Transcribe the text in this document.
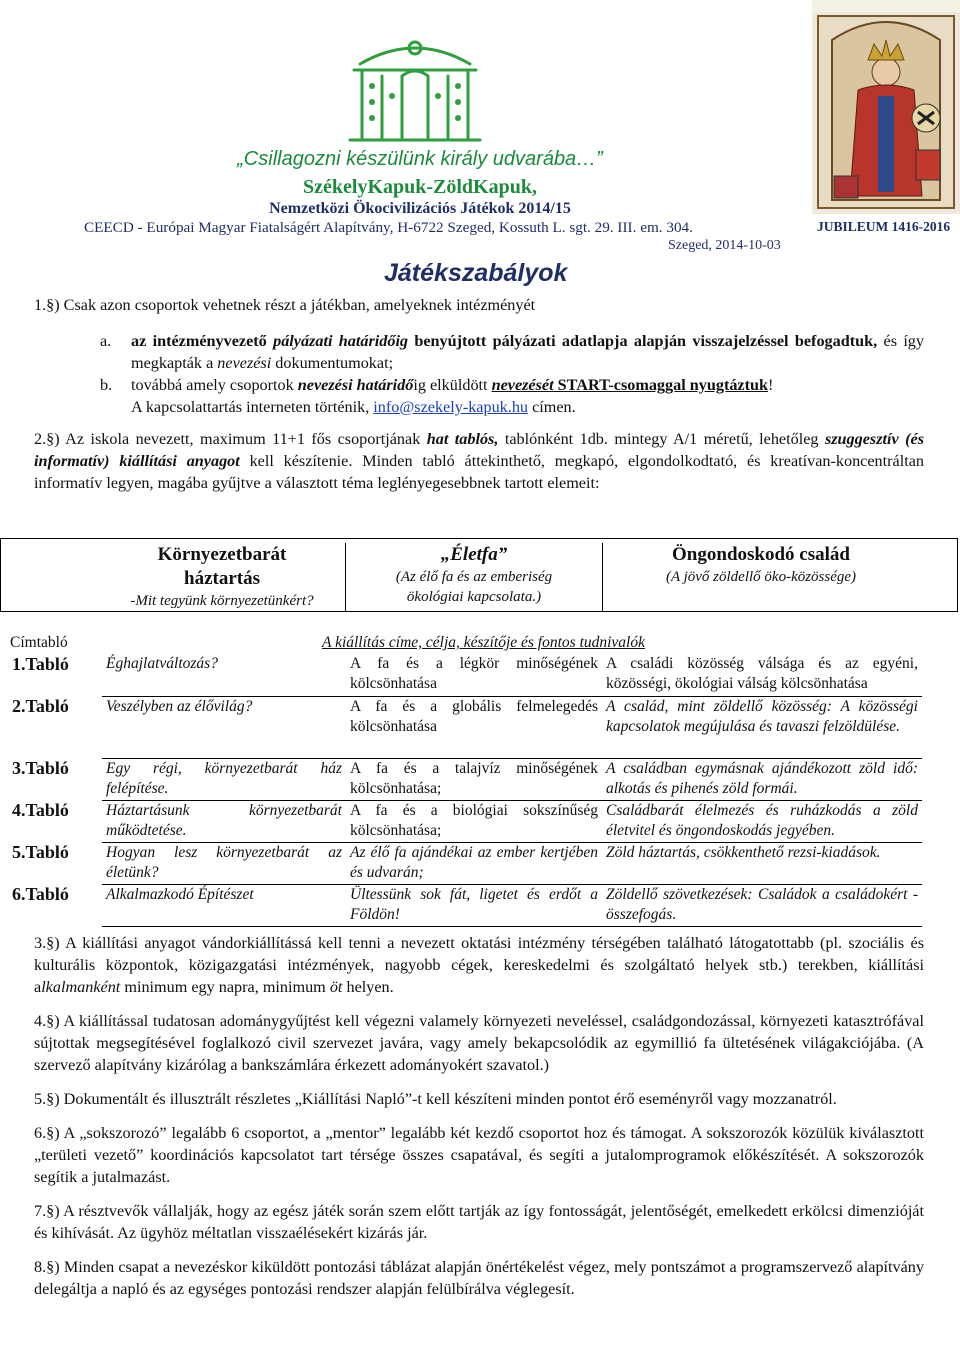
„Csillagozni készülünk király udvarába…”
SzékelyKapuk-ZöldKapuk,
Nemzetközi Ökocivilizációs Játékok 2014/15
CEECD - Európai Magyar Fiatalságért Alapítvány, H-6722 Szeged, Kossuth L. sgt. 29. III. em. 304.
Szeged, 2014-10-03
JUBILEUM 1416-2016
Játékszabályok
1.§) Csak azon csoportok vehetnek részt a játékban, amelyeknek intézményét
a. az intézményvezető pályázati határidőig benyújtott pályázati adatlapja alapján visszajelzéssel befogadtuk, és így megkapták a nevezési dokumentumokat;
b. továbbá amely csoportok nevezési határidőig elküldött nevezését START-csomaggal nyugtáztuk!
A kapcsolattartás interneten történik, info@szekely-kapuk.hu címen.
2.§) Az iskola nevezett, maximum 11+1 fős csoportjának hat tablós, tablónként 1db. mintegy A/1 méretű, lehetőleg szuggesztív (és informatív) kiállítási anyagot kell készítenie. Minden tabló áttekinthető, megkapó, elgondolkodtató, és kreatívan-koncentráltan informatív legyen, magába gyűjtve a választott téma leglényegesebbnek tartott elemeit:
Környezetbarát háztartás
-Mit tegyünk környezetünkért?
„Életfa”
(Az élő fa és az emberiség ökológiai kapcsolata.)
Öngondoskodó család
(A jövő zöldellő öko-közössége)
Címtabló	A kiállítás címe, célja, készítője és fontos tudnivalók
1.Tabló	Éghajlatváltozás?	A fa és a légkör minőségének kölcsönhatása	A családi közösség válsága és az egyéni, közösségi, ökológiai válság kölcsönhatása
2.Tabló	Veszélyben az élővilág?	A fa és a globális felmelegedés kölcsönhatása	A család, mint zöldellő közösség: A közösségi kapcsolatok megújulása és tavaszi felzöldülése.
3.Tabló	Egy régi, környezetbarát ház felépítése.	A fa és a talajvíz minőségének kölcsönhatása;	A családban egymásnak ajándékozott zöld idő: alkotás és pihenés zöld formái.
4.Tabló	Háztartásunk környezetbarát működtetése.	A fa és a biológiai sokszínűség kölcsönhatása;	Családbarát élelmezés és ruházkodás a zöld életvitel és öngondoskodás jegyében.
5.Tabló	Hogyan lesz környezetbarát az életünk?	Az élő fa ajándékai az ember kertjében és udvarán;	Zöld háztartás, csökkenthető rezsi-kiadások.
6.Tabló	Alkalmazkodó Építészet	Ültessünk sok fát, ligetet és erdőt a Földön!	Zöldellő szövetkezések: Családok a családokért - összefogás.

3.§) A kiállítási anyagot vándorkiállítássá kell tenni a nevezett oktatási intézmény térségében található látogatottabb (pl. szociális és kulturális központok, közigazgatási intézmények, nagyobb cégek, kereskedelmi és szolgáltató helyek stb.) terekben, kiállítási alkalmanként minimum egy napra, minimum öt helyen.

4.§) A kiállítással tudatosan adománygyűjtést kell végezni valamely környezeti neveléssel, családgondozással, környezeti katasztrófával sújtottak megsegítésével foglalkozó civil szervezet javára, vagy amely bekapcsolódik az egymillió fa ültetésének világakciójába. (A szervező alapítvány kizárólag a bankszámlára érkezett adományokért szavatol.)

5.§) Dokumentált és illusztrált részletes „Kiállítási Napló”-t kell készíteni minden pontot érő eseményről vagy mozzanatról.

6.§) A „sokszorozó” legalább 6 csoportot, a „mentor” legalább két kezdő csoportot hoz és támogat. A sokszorozók közülük kiválasztott „területi vezető” koordinációs kapcsolatot tart térsége összes csapatával, és segíti a jutalomprogramok előkészítését. A sokszorozók segítik a jutalmazást.

7.§) A résztvevők vállalják, hogy az egész játék során szem előtt tartják az így fontosságát, jelentőségét, emelkedett erkölcsi dimenzióját és kihívását. Az ügyhöz méltatlan visszaélésekért kizárás jár.

8.§) Minden csapat a nevezéskor kiküldött pontozási táblázat alapján önértékelést végez, mely pontszámot a programszervező alapítvány delegáltja a napló és az egységes pontozási rendszer alapján felülbírálva véglegesít.
